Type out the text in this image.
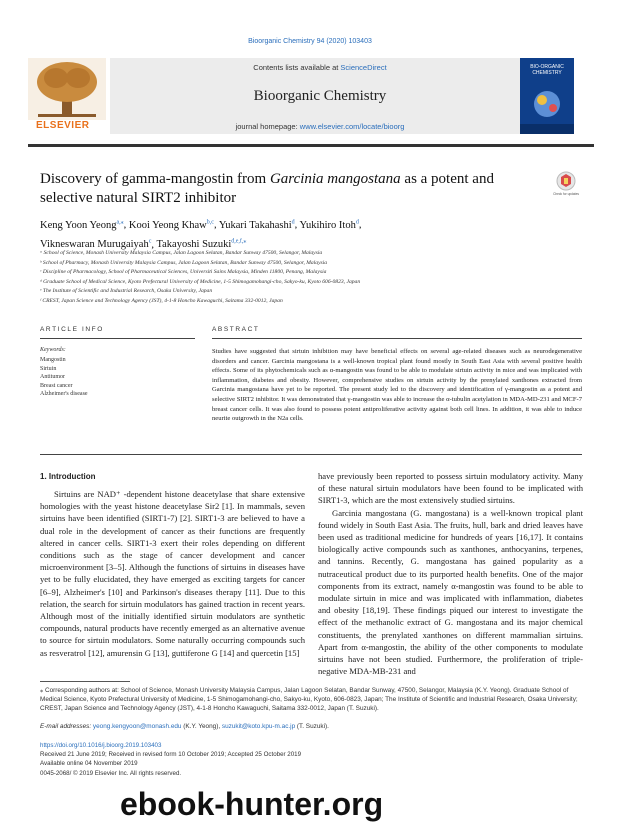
Bioorganic Chemistry 94 (2020) 103403
ELSEVIER
Contents lists available at ScienceDirect
Bioorganic Chemistry
journal homepage: www.elsevier.com/locate/bioorg
BIO-ORGANIC CHEMISTRY
Discovery of gamma-mangostin from Garcinia mangostana as a potent and selective natural SIRT2 inhibitor	Check for updates
Keng Yoon Yeong$^{a,⁎}$, Kooi Yeong Khaw$^{b,c}$, Yukari Takahashi$^d$, Yukihiro Itoh$^d$,
Vikneswaran Murugaiyah$^c$, Takayoshi Suzuki$^{d,e,f,⁎}$
ᵃ School of Science, Monash University Malaysia Campus, Jalan Lagoon Selatan, Bandar Sunway 47500, Selangor, Malaysia
ᵇ School of Pharmacy, Monash University Malaysia Campus, Jalan Lagoon Selatan, Bandar Sunway 47500, Selangor, Malaysia
ᶜ Discipline of Pharmacology, School of Pharmaceutical Sciences, Universiti Sains Malaysia, Minden 11800, Penang, Malaysia
ᵈ Graduate School of Medical Science, Kyoto Prefectural University of Medicine, 1-5 Shimogamohangi-cho, Sakyo-ku, Kyoto 606-0823, Japan
ᵉ The Institute of Scientific and Industrial Research, Osaka University, Japan
ᶠ CREST, Japan Science and Technology Agency (JST), 4-1-8 Honcho Kawaguchi, Saitama 332-0012, Japan
ARTICLE INFO	ABSTRACT
Keywords:
Mangostin
Sirtuin
Antitumor
Breast cancer
Alzheimer's disease
Studies have suggested that sirtuin inhibition may have beneficial effects on several age-related diseases such as neurodegenerative disorders and cancer. Garcinia mangostana is a well-known tropical plant found mostly in South East Asia with several positive health effects. Some of its phytochemicals such as α-mangostin was found to be able to modulate sirtuin activity in mice and was implicated with inflammation, diabetes and obesity. However, comprehensive studies on sirtuin activity by the prenylated xanthones extracted from Garcinia mangostana have yet to be reported. The present study led to the discovery and identification of γ-mangostin as a potent and selective SIRT2 inhibitor. It was demonstrated that γ-mangostin was able to increase the α-tubulin acetylation in MDA-MD-231 and MCF-7 breast cancer cells. It was also found to possess potent antiproliferative activity against both cell lines. In addition, it was able to induce neurite outgrowth in the N2a cells.
1. Introduction

Sirtuins are NAD⁺ -dependent histone deacetylase that share extensive homologies with the yeast histone deacetylase Sir2 [1]. In mammals, seven sirtuins have been identified (SIRT1-7) [2]. SIRT1-3 are believed to have a dual role in the development of cancer as their functions are frequently altered in cancer cells. SIRT1-3 exert their roles depending on different conditions such as the stage of cancer development and cancer microenvironment [3–5]. Although the functions of sirtuins in diseases have yet to be fully elucidated, they have emerged as exciting targets for cancer [6–9], Alzheimer's [10] and Parkinson's diseases therapy [11]. Due to this relation, the search for sirtuin modulators has gained traction in recent years. Although most of the initially identified sirtuin modulators are synthetic compounds, natural products have recently emerged as an alternative avenue to source for sirtuin modulators. Some naturally occurring compounds such as resveratrol [12], amurensin G [13], guttiferone G [14] and quercetin [15]

have previously been reported to possess sirtuin modulatory activity. Many of these natural sirtuin modulators have been found to be implicated with SIRT1-3, which are the most extensively studied sirtuins.

Garcinia mangostana (G. mangostana) is a well-known tropical plant found widely in South East Asia. The fruits, hull, bark and dried leaves have been used as traditional medicine for hundreds of years [16,17]. It contains biologically active compounds such as xanthones, anthocyanins, terpenes, and tannins. Recently, G. mangostana has gained popularity as a nutraceutical product due to its purported health benefits. One of the major components from its extract, namely α-mangostin was found to be able to modulate sirtuin in mice and was implicated with inflammation, diabetes and obesity [18,19]. These findings piqued our interest to investigate the effect of the methanolic extract of G. mangostana and its major chemical constituents, the prenylated xanthones on different mammalian sirtuins. Apart from α-mangostin, the ability of the other components to modulate sirtuins have not been studied. Furthermore, the proliferation of triple-negative MDA-MB-231 and

⁎ Corresponding authors at: School of Science, Monash University Malaysia Campus, Jalan Lagoon Selatan, Bandar Sunway, 47500, Selangor, Malaysia (K.Y. Yeong). Graduate School of Medical Science, Kyoto Prefectural University of Medicine, 1-5 Shimogamohangi-cho, Sakyo-ku, Kyoto, 606-0823, Japan; The Institute of Scientific and Industrial Research, Osaka University; CREST, Japan Science and Technology Agency (JST), 4-1-8 Honcho Kawaguchi, Saitama 332-0012, Japan (T. Suzuki).
E-mail addresses: yeong.kengyoon@monash.edu (K.Y. Yeong), suzukit@koto.kpu-m.ac.jp (T. Suzuki).
https://doi.org/10.1016/j.bioorg.2019.103403
Received 21 June 2019; Received in revised form 10 October 2019; Accepted 25 October 2019
Available online 04 November 2019
0045-2068/ © 2019 Elsevier Inc. All rights reserved.
ebook-hunter.org
